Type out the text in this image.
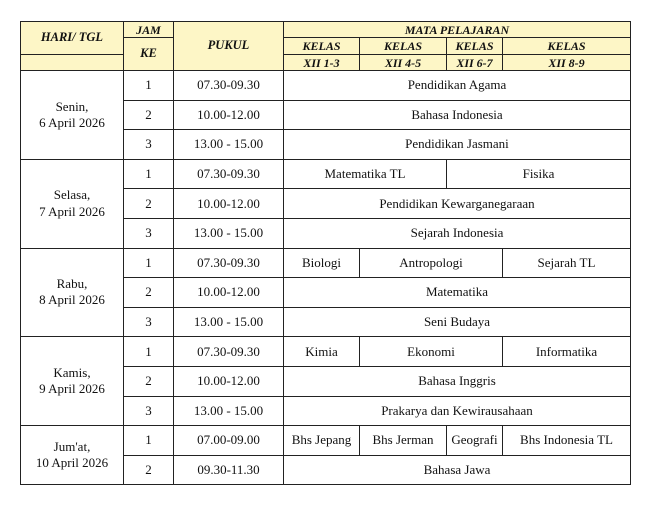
HARI/ TGL	JAM	PUKUL	MATA PELAJARAN			
	KE		KELAS	KELAS	KELAS	KELAS
			XII 1-3	XII 4-5	XII 6-7	XII 8-9
Senin,
6 April 2026	1	07.30-09.30	Pendidikan Agama			
	2	10.00-12.00	Bahasa Indonesia			
	3	13.00 - 15.00	Pendidikan Jasmani			
Selasa,
7 April 2026	1	07.30-09.30	Matematika TL		Fisika	
	2	10.00-12.00	Pendidikan Kewarganegaraan			
	3	13.00 - 15.00	Sejarah Indonesia			
Rabu,
8 April 2026	1	07.30-09.30	Biologi	Antropologi		Sejarah TL
	2	10.00-12.00	Matematika			
	3	13.00 - 15.00	Seni Budaya			
Kamis,
9 April 2026	1	07.30-09.30	Kimia	Ekonomi		Informatika
	2	10.00-12.00	Bahasa Inggris			
	3	13.00 - 15.00	Prakarya dan Kewirausahaan			
Jum'at,
10 April 2026	1	07.00-09.00	Bhs Jepang	Bhs Jerman	Geografi	Bhs Indonesia TL
	2	09.30-11.30	Bahasa Jawa			
